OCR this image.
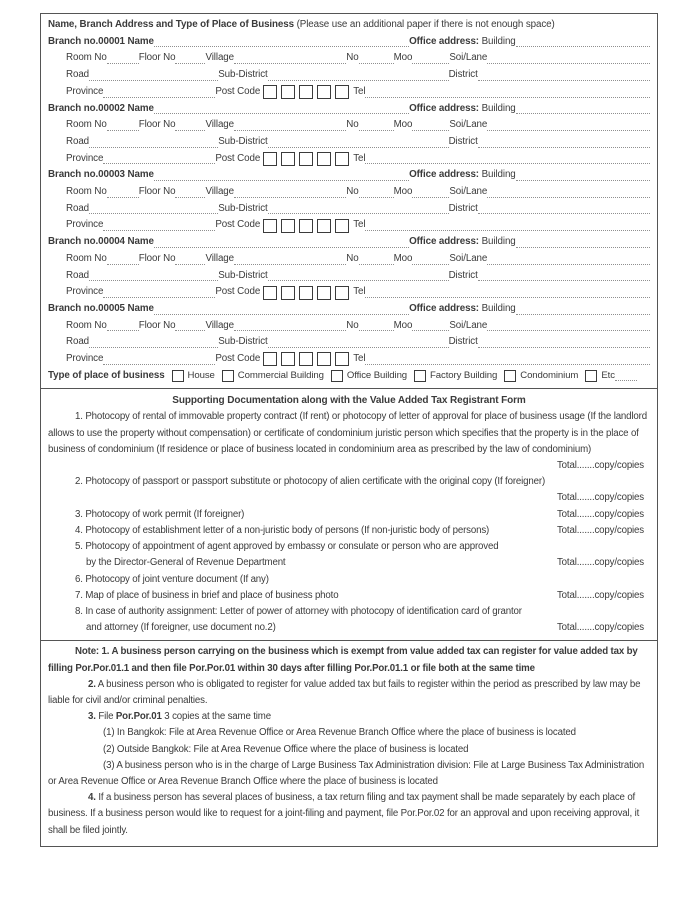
Name, Branch Address and Type of Place of Business
(Please use an additional paper if there is not enough space)
Branch no.00001
Name	Office address:
Building
Room No	Floor No	Village	No	Moo	Soi/Lane
Road	Sub-District	District
Province	Post Code	Tel
Branch no.00002
Name	Office address:
Building
Room No	Floor No	Village	No	Moo	Soi/Lane
Road	Sub-District	District
Province	Post Code	Tel
Branch no.00003
Name	Office address:
Building
Room No	Floor No	Village	No	Moo	Soi/Lane
Road	Sub-District	District
Province	Post Code	Tel
Branch no.00004
Name	Office address:
Building
Room No	Floor No	Village	No	Moo	Soi/Lane
Road	Sub-District	District
Province	Post Code	Tel
Branch no.00005
Name	Office address:
Building
Room No	Floor No	Village	No	Moo	Soi/Lane
Road	Sub-District	District
Province	Post Code	Tel
Type of place of business House Commercial Building Office Building Factory Building Condominium Etc
Supporting Documentation along with the Value Added Tax Registrant Form

1. Photocopy of rental of immovable property contract (If rent) or photocopy of letter of approval for place of business usage (If the landlord allows to use the property without compensation) or certificate of condominium juristic person which specifies that the property is in the place of business of condominium (If residence or place of business located in condominium area as prescribed by the law of condominium)

Total.......copy/copies

2. Photocopy of passport or passport substitute or photocopy of alien certificate with the original copy (If foreigner)

Total.......copy/copies

3. Photocopy of work permit (If foreigner)	Total.......copy/copies

4. Photocopy of establishment letter of a non-juristic body of persons (If non-juristic body of persons)	Total.......copy/copies

5. Photocopy of appointment of agent approved by embassy or consulate or person who are approved

by the Director-General of Revenue Department	Total.......copy/copies

6. Photocopy of joint venture document (If any)

7. Map of place of business in brief and place of business photo	Total.......copy/copies

8. In case of authority assignment: Letter of power of attorney with photocopy of identification card of grantor

and attorney (If foreigner, use document no.2)	Total.......copy/copies

Note: 1. A business person carrying on the business which is exempt from value added tax can register for value added tax by filling Por.Por.01.1 and then file Por.Por.01 within 30 days after filling Por.Por.01.1 or file both at the same time

2. A business person who is obligated to register for value added tax but fails to register within the period as prescribed by law may be liable for civil and/or criminal penalties.

3. File Por.Por.01 3 copies at the same time

(1) In Bangkok: File at Area Revenue Office or Area Revenue Branch Office where the place of business is located

(2) Outside Bangkok: File at Area Revenue Office where the place of business is located

(3) A business person who is in the charge of Large Business Tax Administration division: File at Large Business Tax Administration or Area Revenue Office or Area Revenue Branch Office where the place of business is located

4. If a business person has several places of business, a tax return filing and tax payment shall be made separately by each place of business. If a business person would like to request for a joint-filing and payment, file Por.Por.02 for an approval and upon receiving approval, it shall be filed jointly.
